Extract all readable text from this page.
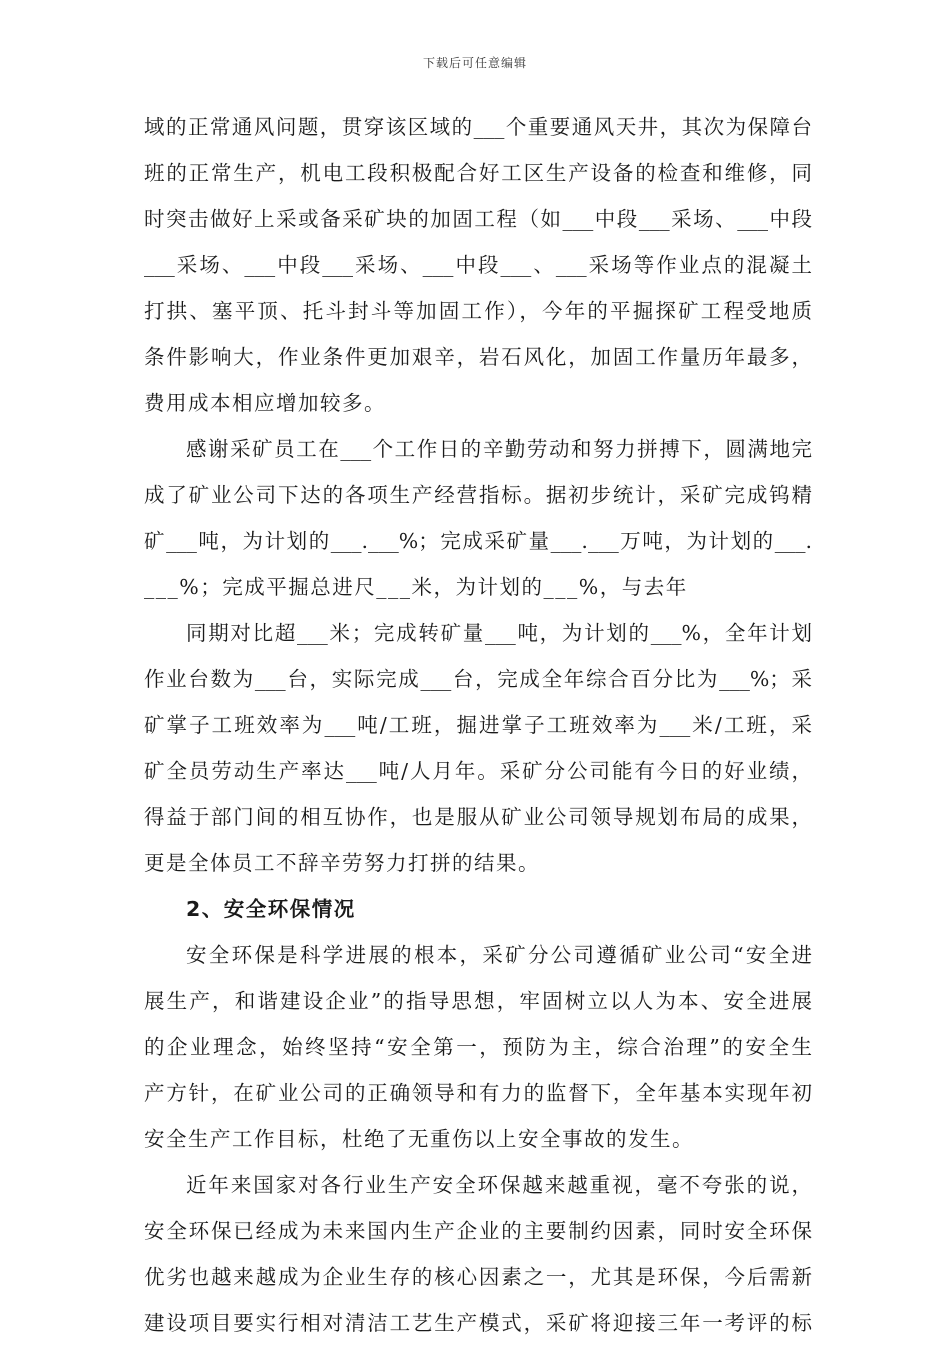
下载后可任意编辑
域的正常通风问题，贯穿该区域的___个重要通风天井，其次为保障台
班的正常生产，机电工段积极配合好工区生产设备的检查和维修，同
时突击做好上采或备采矿块的加固工程（如___中段___采场、___中段
___采场、___中段___采场、___中段___、___采场等作业点的混凝土
打拱、塞平顶、托斗封斗等加固工作），今年的平掘探矿工程受地质
条件影响大，作业条件更加艰辛，岩石风化，加固工作量历年最多，
费用成本相应增加较多。
感谢采矿员工在___个工作日的辛勤劳动和努力拼搏下，圆满地完
成了矿业公司下达的各项生产经营指标。据初步统计，采矿完成钨精
矿___吨，为计划的___.___%；完成采矿量___.___万吨，为计划的___.
___%；完成平掘总进尺___米，为计划的___%，与去年
同期对比超___米；完成转矿量___吨，为计划的___%，全年计划
作业台数为___台，实际完成___台，完成全年综合百分比为___%；采
矿掌子工班效率为___吨/工班，掘进掌子工班效率为___米/工班，采
矿全员劳动生产率达___吨/人月年。采矿分公司能有今日的好业绩，
得益于部门间的相互协作，也是服从矿业公司领导规划布局的成果，
更是全体员工不辞辛劳努力打拼的结果。
2、安全环保情况
安全环保是科学进展的根本，采矿分公司遵循矿业公司“安全进
展生产，和谐建设企业”的指导思想，牢固树立以人为本、安全进展
的企业理念，始终坚持“安全第一，预防为主，综合治理”的安全生
产方针，在矿业公司的正确领导和有力的监督下，全年基本实现年初
安全生产工作目标，杜绝了无重伤以上安全事故的发生。
近年来国家对各行业生产安全环保越来越重视，毫不夸张的说，
安全环保已经成为未来国内生产企业的主要制约因素，同时安全环保
优劣也越来越成为企业生存的核心因素之一，尤其是环保，今后需新
建设项目要实行相对清洁工艺生产模式，采矿将迎接三年一考评的标
